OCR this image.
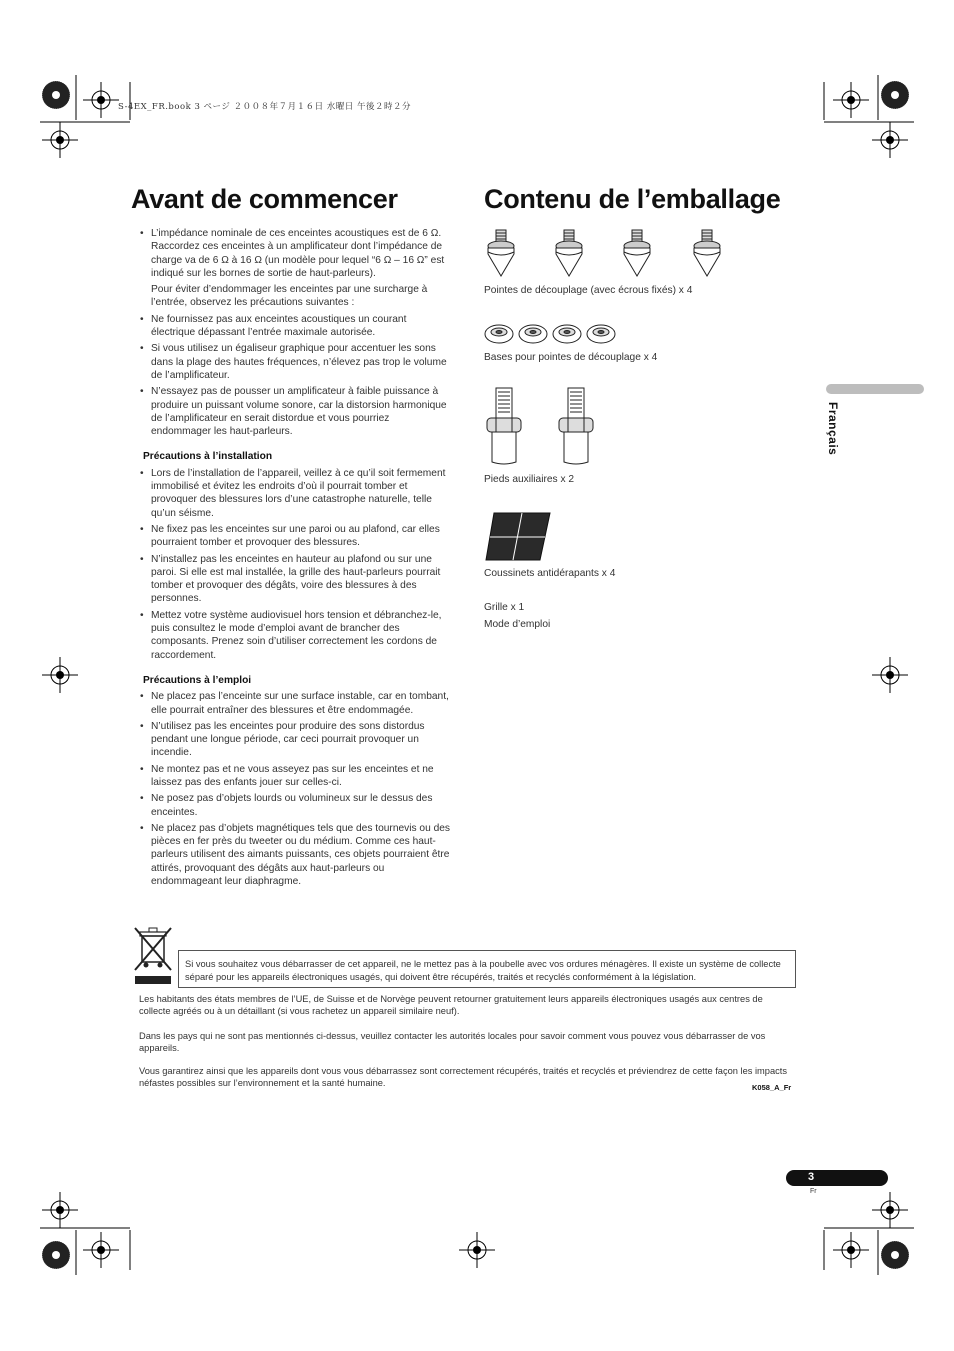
S-4EX_FR.book 3 ページ ２００８年７月１６日 水曜日 午後２時２分
Avant de commencer	Contenu de l’emballage
• L’impédance nominale de ces enceintes acoustiques est de 6 Ω. Raccordez ces enceintes à un amplificateur dont l’impédance de charge va de 6 Ω à 16 Ω (un modèle pour lequel “6 Ω – 16 Ω” est indiqué sur les bornes de sortie de haut-parleurs).

Pour éviter d’endommager les enceintes par une surcharge à l’entrée, observez les précautions suivantes :

• Ne fournissez pas aux enceintes acoustiques un courant électrique dépassant l’entrée maximale autorisée.
• Si vous utilisez un égaliseur graphique pour accentuer les sons dans la plage des hautes fréquences, n’élevez pas trop le volume de l’amplificateur.
• N’essayez pas de pousser un amplificateur à faible puissance à produire un puissant volume sonore, car la distorsion harmonique de l’amplificateur en serait distordue et vous pourriez endommager les haut-parleurs.
Précautions à l’installation
• Lors de l’installation de l’appareil, veillez à ce qu’il soit fermement immobilisé et évitez les endroits d’où il pourrait tomber et provoquer des blessures lors d’une catastrophe naturelle, telle qu’un séisme.
• Ne fixez pas les enceintes sur une paroi ou au plafond, car elles pourraient tomber et provoquer des blessures.
• N’installez pas les enceintes en hauteur au plafond ou sur une paroi. Si elle est mal installée, la grille des haut-parleurs pourrait tomber et provoquer des dégâts, voire des blessures à des personnes.
• Mettez votre système audiovisuel hors tension et débranchez-le, puis consultez le mode d’emploi avant de brancher des composants. Prenez soin d’utiliser correctement les cordons de raccordement.
Précautions à l’emploi
• Ne placez pas l’enceinte sur une surface instable, car en tombant, elle pourrait entraîner des blessures et être endommagée.
• N’utilisez pas les enceintes pour produire des sons distordus pendant une longue période, car ceci pourrait provoquer un incendie.
• Ne montez pas et ne vous asseyez pas sur les enceintes et ne laissez pas des enfants jouer sur celles-ci.
• Ne posez pas d’objets lourds ou volumineux sur le dessus des enceintes.
• Ne placez pas d’objets magnétiques tels que des tournevis ou des pièces en fer près du tweeter ou du médium. Comme ces haut-parleurs utilisent des aimants puissants, ces objets pourraient être attirés, provoquant des dégâts aux haut-parleurs ou endommageant leur diaphragme.
Pointes de découplage (avec écrous fixés) x 4
Bases pour pointes de découplage x 4
Pieds auxiliaires x 2
Coussinets antidérapants x 4
Grille x 1
Mode d’emploi
Français
Si vous souhaitez vous débarrasser de cet appareil, ne le mettez pas à la poubelle avec vos ordures ménagères. Il existe un système de collecte séparé pour les appareils électroniques usagés, qui doivent être récupérés, traités et recyclés conformément à la législation.
Les habitants des états membres de l’UE, de Suisse et de Norvège peuvent retourner gratuitement leurs appareils électroniques usagés aux centres de collecte agréés ou à un détaillant (si vous rachetez un appareil similaire neuf).
Dans les pays qui ne sont pas mentionnés ci-dessus, veuillez contacter les autorités locales pour savoir comment vous pouvez vous débarrasser de vos appareils.
Vous garantirez ainsi que les appareils dont vous vous débarrassez sont correctement récupérés, traités et recyclés et préviendrez de cette façon les impacts néfastes possibles sur l’environnement et la santé humaine.	K058_A_Fr
3
Fr
